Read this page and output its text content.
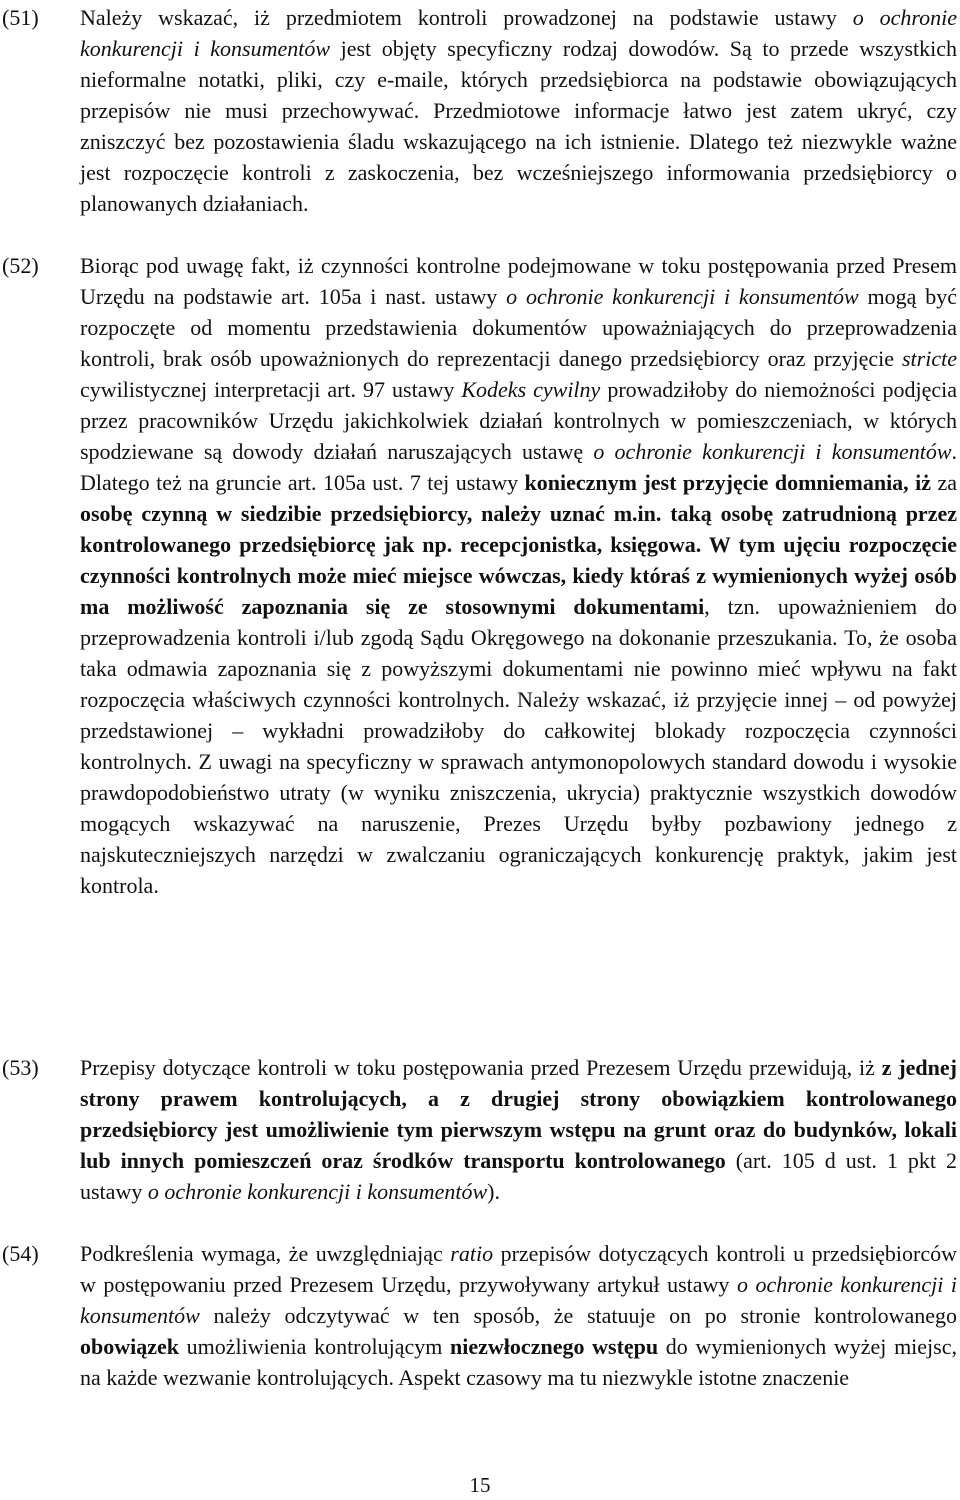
(51)	Należy wskazać, iż przedmiotem kontroli prowadzonej na podstawie ustawy o ochronie konkurencji i konsumentów jest objęty specyficzny rodzaj dowodów. Są to przede wszystkich nieformalne notatki, pliki, czy e-maile, których przedsiębiorca na podstawie obowiązujących przepisów nie musi przechowywać. Przedmiotowe informacje łatwo jest zatem ukryć, czy zniszczyć bez pozostawienia śladu wskazującego na ich istnienie. Dlatego też niezwykle ważne jest rozpoczęcie kontroli z zaskoczenia, bez wcześniejszego informowania przedsiębiorcy o planowanych działaniach.
(52)	Biorąc pod uwagę fakt, iż czynności kontrolne podejmowane w toku postępowania przed Presem Urzędu na podstawie art. 105a i nast. ustawy o ochronie konkurencji i konsumentów mogą być rozpoczęte od momentu przedstawienia dokumentów upoważniających do przeprowadzenia kontroli, brak osób upoważnionych do reprezentacji danego przedsiębiorcy oraz przyjęcie stricte cywilistycznej interpretacji art. 97 ustawy Kodeks cywilny prowadziłoby do niemożności podjęcia przez pracowników Urzędu jakichkolwiek działań kontrolnych w pomieszczeniach, w których spodziewane są dowody działań naruszających ustawę o ochronie konkurencji i konsumentów. Dlatego też na gruncie art. 105a ust. 7 tej ustawy koniecznym jest przyjęcie domniemania, iż za osobę czynną w siedzibie przedsiębiorcy, należy uznać m.in. taką osobę zatrudnioną przez kontrolowanego przedsiębiorcę jak np. recepcjonistka, księgowa. W tym ujęciu rozpoczęcie czynności kontrolnych może mieć miejsce wówczas, kiedy któraś z wymienionych wyżej osób ma możliwość zapoznania się ze stosownymi dokumentami, tzn. upoważnieniem do przeprowadzenia kontroli i/lub zgodą Sądu Okręgowego na dokonanie przeszukania. To, że osoba taka odmawia zapoznania się z powyższymi dokumentami nie powinno mieć wpływu na fakt rozpoczęcia właściwych czynności kontrolnych. Należy wskazać, iż przyjęcie innej – od powyżej przedstawionej – wykładni prowadziłoby do całkowitej blokady rozpoczęcia czynności kontrolnych. Z uwagi na specyficzny w sprawach antymonopolowych standard dowodu i wysokie prawdopodobieństwo utraty (w wyniku zniszczenia, ukrycia) praktycznie wszystkich dowodów mogących wskazywać na naruszenie, Prezes Urzędu byłby pozbawiony jednego z najskuteczniejszych narzędzi w zwalczaniu ograniczających konkurencję praktyk, jakim jest kontrola.
(53)	Przepisy dotyczące kontroli w toku postępowania przed Prezesem Urzędu przewidują, iż z jednej strony prawem kontrolujących, a z drugiej strony obowiązkiem kontrolowanego przedsiębiorcy jest umożliwienie tym pierwszym wstępu na grunt oraz do budynków, lokali lub innych pomieszczeń oraz środków transportu kontrolowanego (art. 105 d ust. 1 pkt 2 ustawy o ochronie konkurencji i konsumentów).
(54)	Podkreślenia wymaga, że uwzględniając ratio przepisów dotyczących kontroli u przedsiębiorców w postępowaniu przed Prezesem Urzędu, przywoływany artykuł ustawy o ochronie konkurencji i konsumentów należy odczytywać w ten sposób, że statuuje on po stronie kontrolowanego obowiązek umożliwienia kontrolującym niezwłocznego wstępu do wymienionych wyżej miejsc, na każde wezwanie kontrolujących. Aspekt czasowy ma tu niezwykle istotne znaczenie
15
